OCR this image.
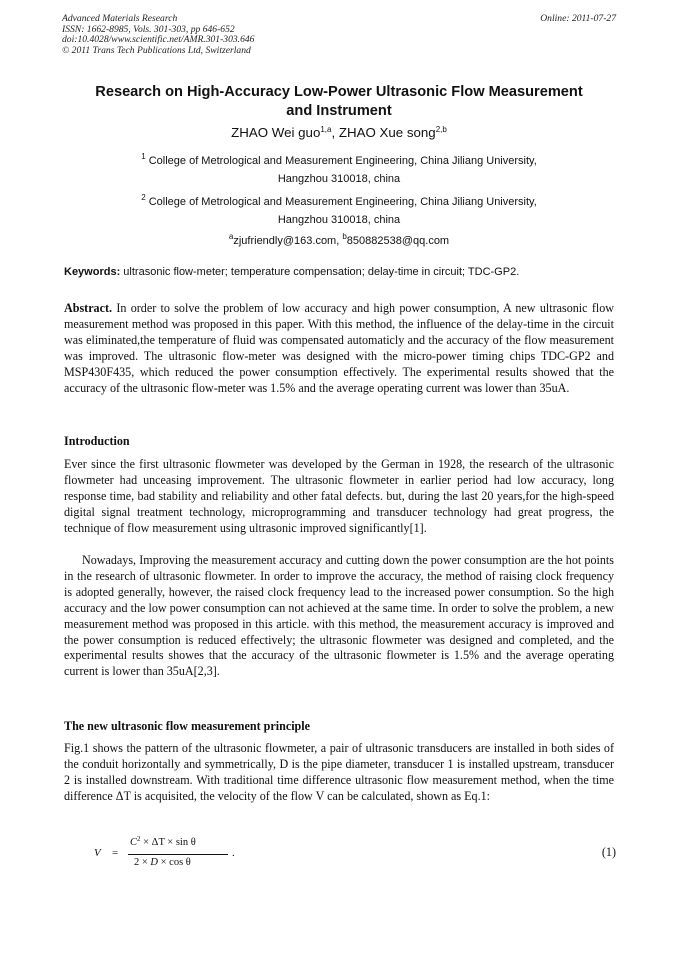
Advanced Materials Research
ISSN: 1662-8985, Vols. 301-303, pp 646-652
doi:10.4028/www.scientific.net/AMR.301-303.646
© 2011 Trans Tech Publications Ltd, Switzerland
Online: 2011-07-27
Research on High-Accuracy Low-Power Ultrasonic Flow Measurement
and Instrument
ZHAO Wei guo$^{1,a}$, ZHAO Xue song$^{2,b}$
$^1$ College of Metrological and Measurement Engineering, China Jiliang University,
Hangzhou 310018, china
$^2$ College of Metrological and Measurement Engineering, China Jiliang University,
Hangzhou 310018, china
$^a$zjufriendly@163.com, $^b$850882538@qq.com
Keywords: ultrasonic flow-meter; temperature compensation; delay-time in circuit; TDC-GP2.
Abstract. In order to solve the problem of low accuracy and high power consumption, A new ultrasonic flow measurement method was proposed in this paper. With this method, the influence of the delay-time in the circuit was eliminated,the temperature of fluid was compensated automaticly and the accuracy of the flow measurement was improved. The ultrasonic flow-meter was designed with the micro-power timing chips TDC-GP2 and MSP430F435, which reduced the power consumption effectively. The experimental results showed that the accuracy of the ultrasonic flow-meter was 1.5% and the average operating current was lower than 35uA.
Introduction
Ever since the first ultrasonic flowmeter was developed by the German in 1928, the research of the ultrasonic flowmeter had unceasing improvement. The ultrasonic flowmeter in earlier period had low accuracy, long response time, bad stability and reliability and other fatal defects. but, during the last 20 years,for the high-speed digital signal treatment technology, microprogramming and transducer technology had great progress, the technique of flow measurement using ultrasonic improved significantly[1].
Nowadays, Improving the measurement accuracy and cutting down the power consumption are the hot points in the research of ultrasonic flowmeter. In order to improve the accuracy, the method of raising clock frequency is adopted generally, however, the raised clock frequency lead to the increased power consumption. So the high accuracy and the low power consumption can not achieved at the same time. In order to solve the problem, a new measurement method was proposed in this article. with this method, the measurement accuracy is improved and the power consumption is reduced effectively; the ultrasonic flowmeter was designed and completed, and the experimental results showes that the accuracy of the ultrasonic flowmeter is 1.5% and the average operating current is lower than 35uA[2,3].
The new ultrasonic flow measurement principle
Fig.1 shows the pattern of the ultrasonic flowmeter, a pair of ultrasonic transducers are installed in both sides of the conduit horizontally and symmetrically, D is the pipe diameter, transducer 1 is installed upstream, transducer 2 is installed downstream. With traditional time difference ultrasonic flow measurement method, when the time difference ΔT is acquisited, the velocity of the flow V can be calculated, shown as Eq.1:
V =
$C^2 \times \Delta T \times \sin \theta$
2 × D × cos θ
.	(1)
